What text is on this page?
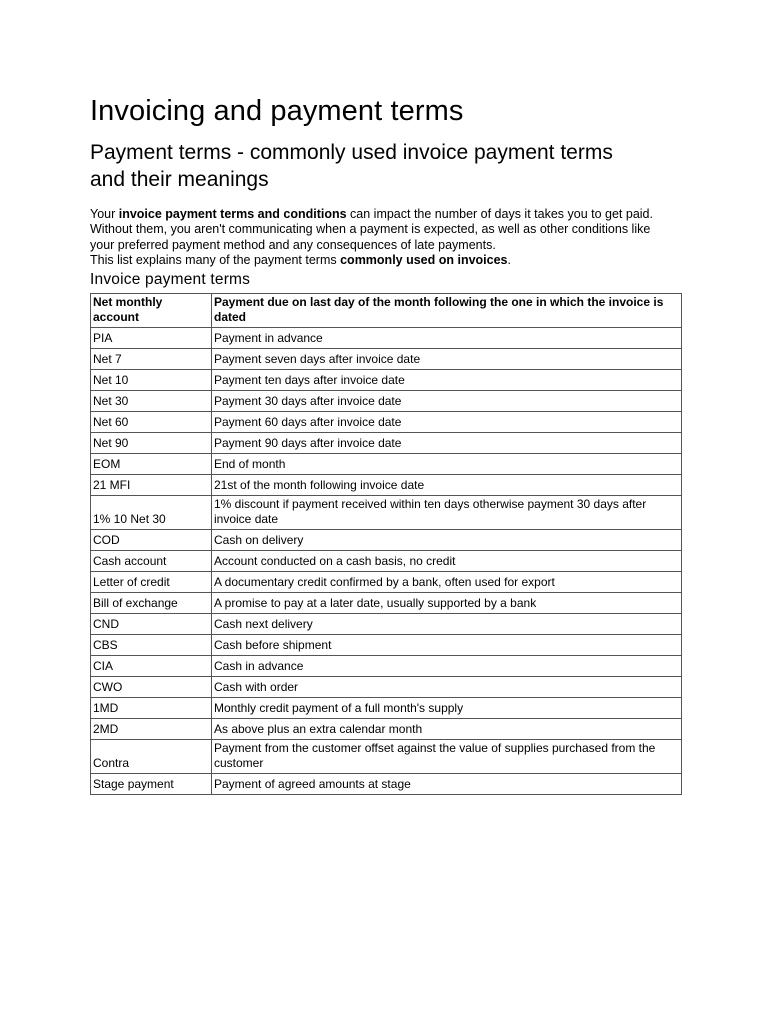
Invoicing and payment terms
Payment terms - commonly used invoice payment terms and their meanings

Your invoice payment terms and conditions can impact the number of days it takes you to get paid. Without them, you aren't communicating when a payment is expected, as well as other conditions like your preferred payment method and any consequences of late payments.
This list explains many of the payment terms commonly used on invoices.

Invoice payment terms
Net monthly account	Payment due on last day of the month following the one in which the invoice is dated
PIA	Payment in advance
Net 7	Payment seven days after invoice date
Net 10	Payment ten days after invoice date
Net 30	Payment 30 days after invoice date
Net 60	Payment 60 days after invoice date
Net 90	Payment 90 days after invoice date
EOM	End of month
21 MFI	21st of the month following invoice date
1% 10 Net 30	1% discount if payment received within ten days otherwise payment 30 days after invoice date
COD	Cash on delivery
Cash account	Account conducted on a cash basis, no credit
Letter of credit	A documentary credit confirmed by a bank, often used for export
Bill of exchange	A promise to pay at a later date, usually supported by a bank
CND	Cash next delivery
CBS	Cash before shipment
CIA	Cash in advance
CWO	Cash with order
1MD	Monthly credit payment of a full month's supply
2MD	As above plus an extra calendar month
Contra	Payment from the customer offset against the value of supplies purchased from the customer
Stage payment	Payment of agreed amounts at stage
